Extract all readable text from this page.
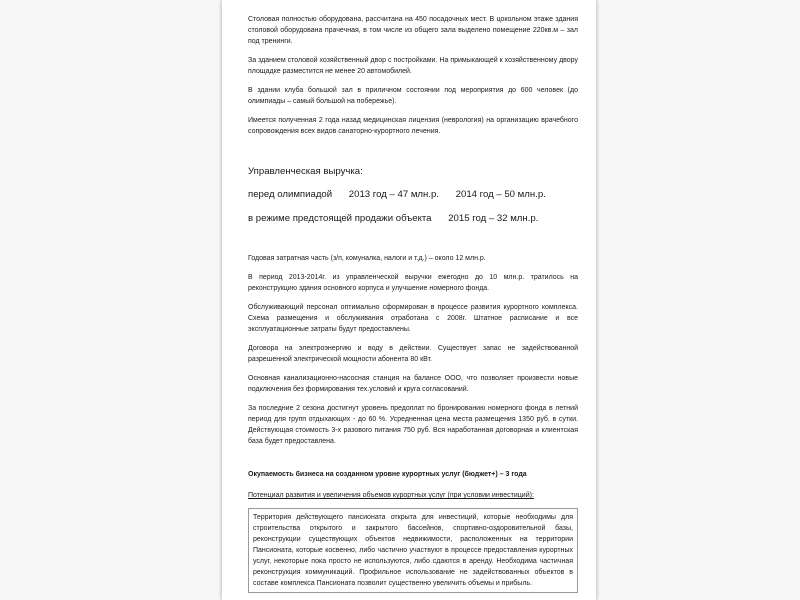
Столовая полностью оборудована, рассчитана на 450 посадочных мест. В цокольном этаже здания столовой оборудована прачечная, в том числе из общего зала выделено помещение 220кв.м – зал под тренинги.

За зданием столовой хозяйственный двор с постройками. На примыкающей к хозяйственному двору площадке разместится не менее 20 автомобилей.

В здании клуба большой зал в приличном состоянии под мероприятия до 600 человек (до олимпиады – самый большой на побережье).

Имеется полученная 2 года назад медицинская лицензия (неврология) на организацию врачебного сопровождения всех видов санаторно-курортного лечения.

Управленческая выручка:

перед олимпиадой 2013 год – 47 млн.р. 2014 год – 50 млн.р.

в режиме предстоящей продажи объекта 2015 год – 32 млн.р.

Годовая затратная часть (з/п, комуналка, налоги и т.д.) – около 12 млн.р.

В период 2013-2014г. из управленческой выручки ежегодно до 10 млн.р. тратилось на реконструкцию здания основного корпуса и улучшение номерного фонда.

Обслуживающий персонал оптимально сформирован в процессе развития курортного комплекса. Схема размещения и обслуживания отработана с 2008г. Штатное расписание и все эксплуатационные затраты будут предоставлены.

Договора на электроэнергию и воду в действии. Существует запас не задействованной разрешенной электрической мощности абонента 80 кВт.

Основная канализационно-насосная станция на балансе ООО, что позволяет произвести новые подключения без формирования тех.условий и круга согласований.

За последние 2 сезона достигнут уровень предоплат по бронированию номерного фонда в летний период для групп отдыхающих - до 60 %. Усредненная цена места размещения 1350 руб. в сутки. Действующая стоимость 3-х разового питания 750 руб. Вся наработанная договорная и клиентская база будет предоставлена.

Окупаемость бизнеса на созданном уровне курортных услуг (бюджет+) – 3 года

Потенциал развития и увеличения объемов курортных услуг (при условии инвестиций):

Территория действующего пансионата открыта для инвестиций, которые необходимы для строительства открытого и закрытого бассейнов, спортивно-оздоровительной базы, реконструкции существующих объектов недвижимости, расположенных на территории Пансионата, которые косвенно, либо частично участвуют в процессе предоставления курортных услуг, некоторые пока просто не используются, либо сдаются в аренду. Необходима частичная реконструкция коммуникаций. Профильное использование не задействованных объектов в составе комплекса Пансионата позволит существенно увеличить объемы и прибыль.
